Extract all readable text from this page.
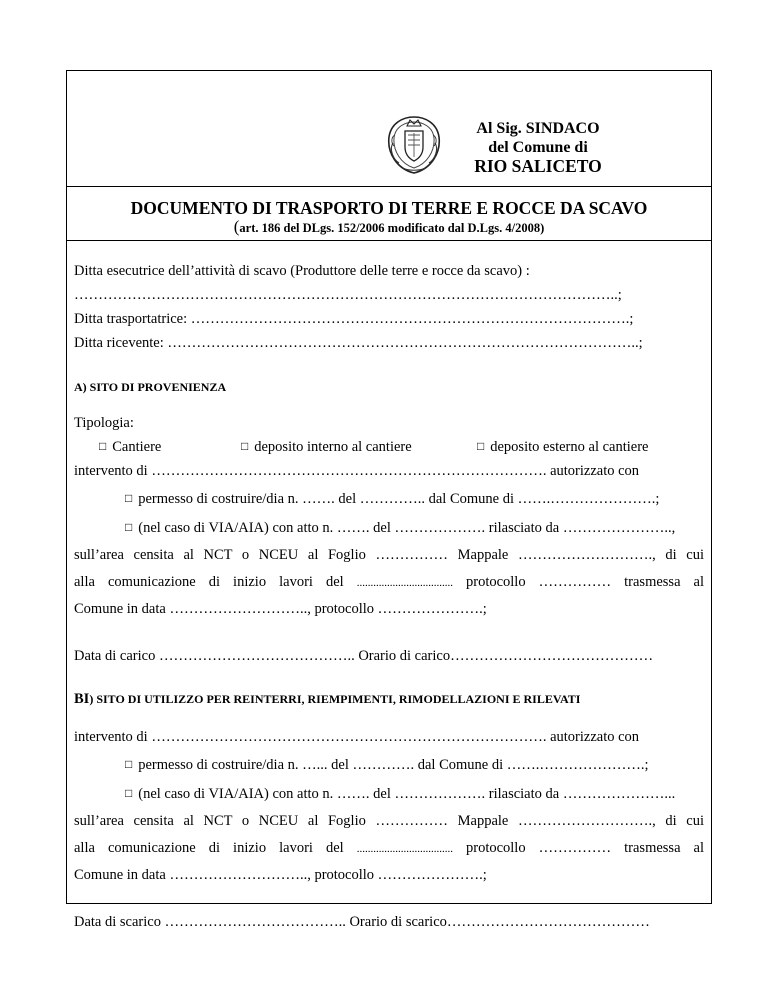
Al Sig. SINDACO
del Comune di
RIO SALICETO
DOCUMENTO DI TRASPORTO DI TERRE E ROCCE DA SCAVO
(art. 186 del DLgs. 152/2006 modificato dal D.Lgs. 4/2008)
Ditta esecutrice dell’attività di scavo (Produttore delle terre e rocce da scavo) :
…………………………………………………………………………………………………..;
Ditta trasportatrice: ……………………………………………………………………………….;
Ditta ricevente: ……………………………………………………………………………………..;
A) SITO DI PROVENIENZA
Tipologia:
□ Cantiere	□ deposito interno al cantiere	□ deposito esterno al cantiere
intervento di ………………………………………………………………………. autorizzato con
□ permesso di costruire/dia n. ……. del ………….. dal Comune di …….………………….;
□ (nel caso di VIA/AIA) con atto n. ……. del ………………. rilasciato da …………………..,
sull’area censita al NCT o NCEU al Foglio …………… Mappale ………………………., di cui
alla comunicazione di inizio lavori del ................................... protocollo …………… trasmessa al
Comune in data ……………………….., protocollo ………………….;
Data di carico ………………………………….. Orario di carico……………………………………
BI) SITO DI UTILIZZO PER REINTERRI, RIEMPIMENTI, RIMODELLAZIONI E RILEVATI
intervento di ………………………………………………………………………. autorizzato con
□ permesso di costruire/dia n. …... del …………. dal Comune di …….………………….;
□ (nel caso di VIA/AIA) con atto n. ……. del ………………. rilasciato da …………………...
sull’area censita al NCT o NCEU al Foglio …………… Mappale ………………………., di cui
alla comunicazione di inizio lavori del ................................... protocollo …………… trasmessa al
Comune in data ……………………….., protocollo ………………….;
Data di scarico ……………………………….. Orario di scarico……………………………………
